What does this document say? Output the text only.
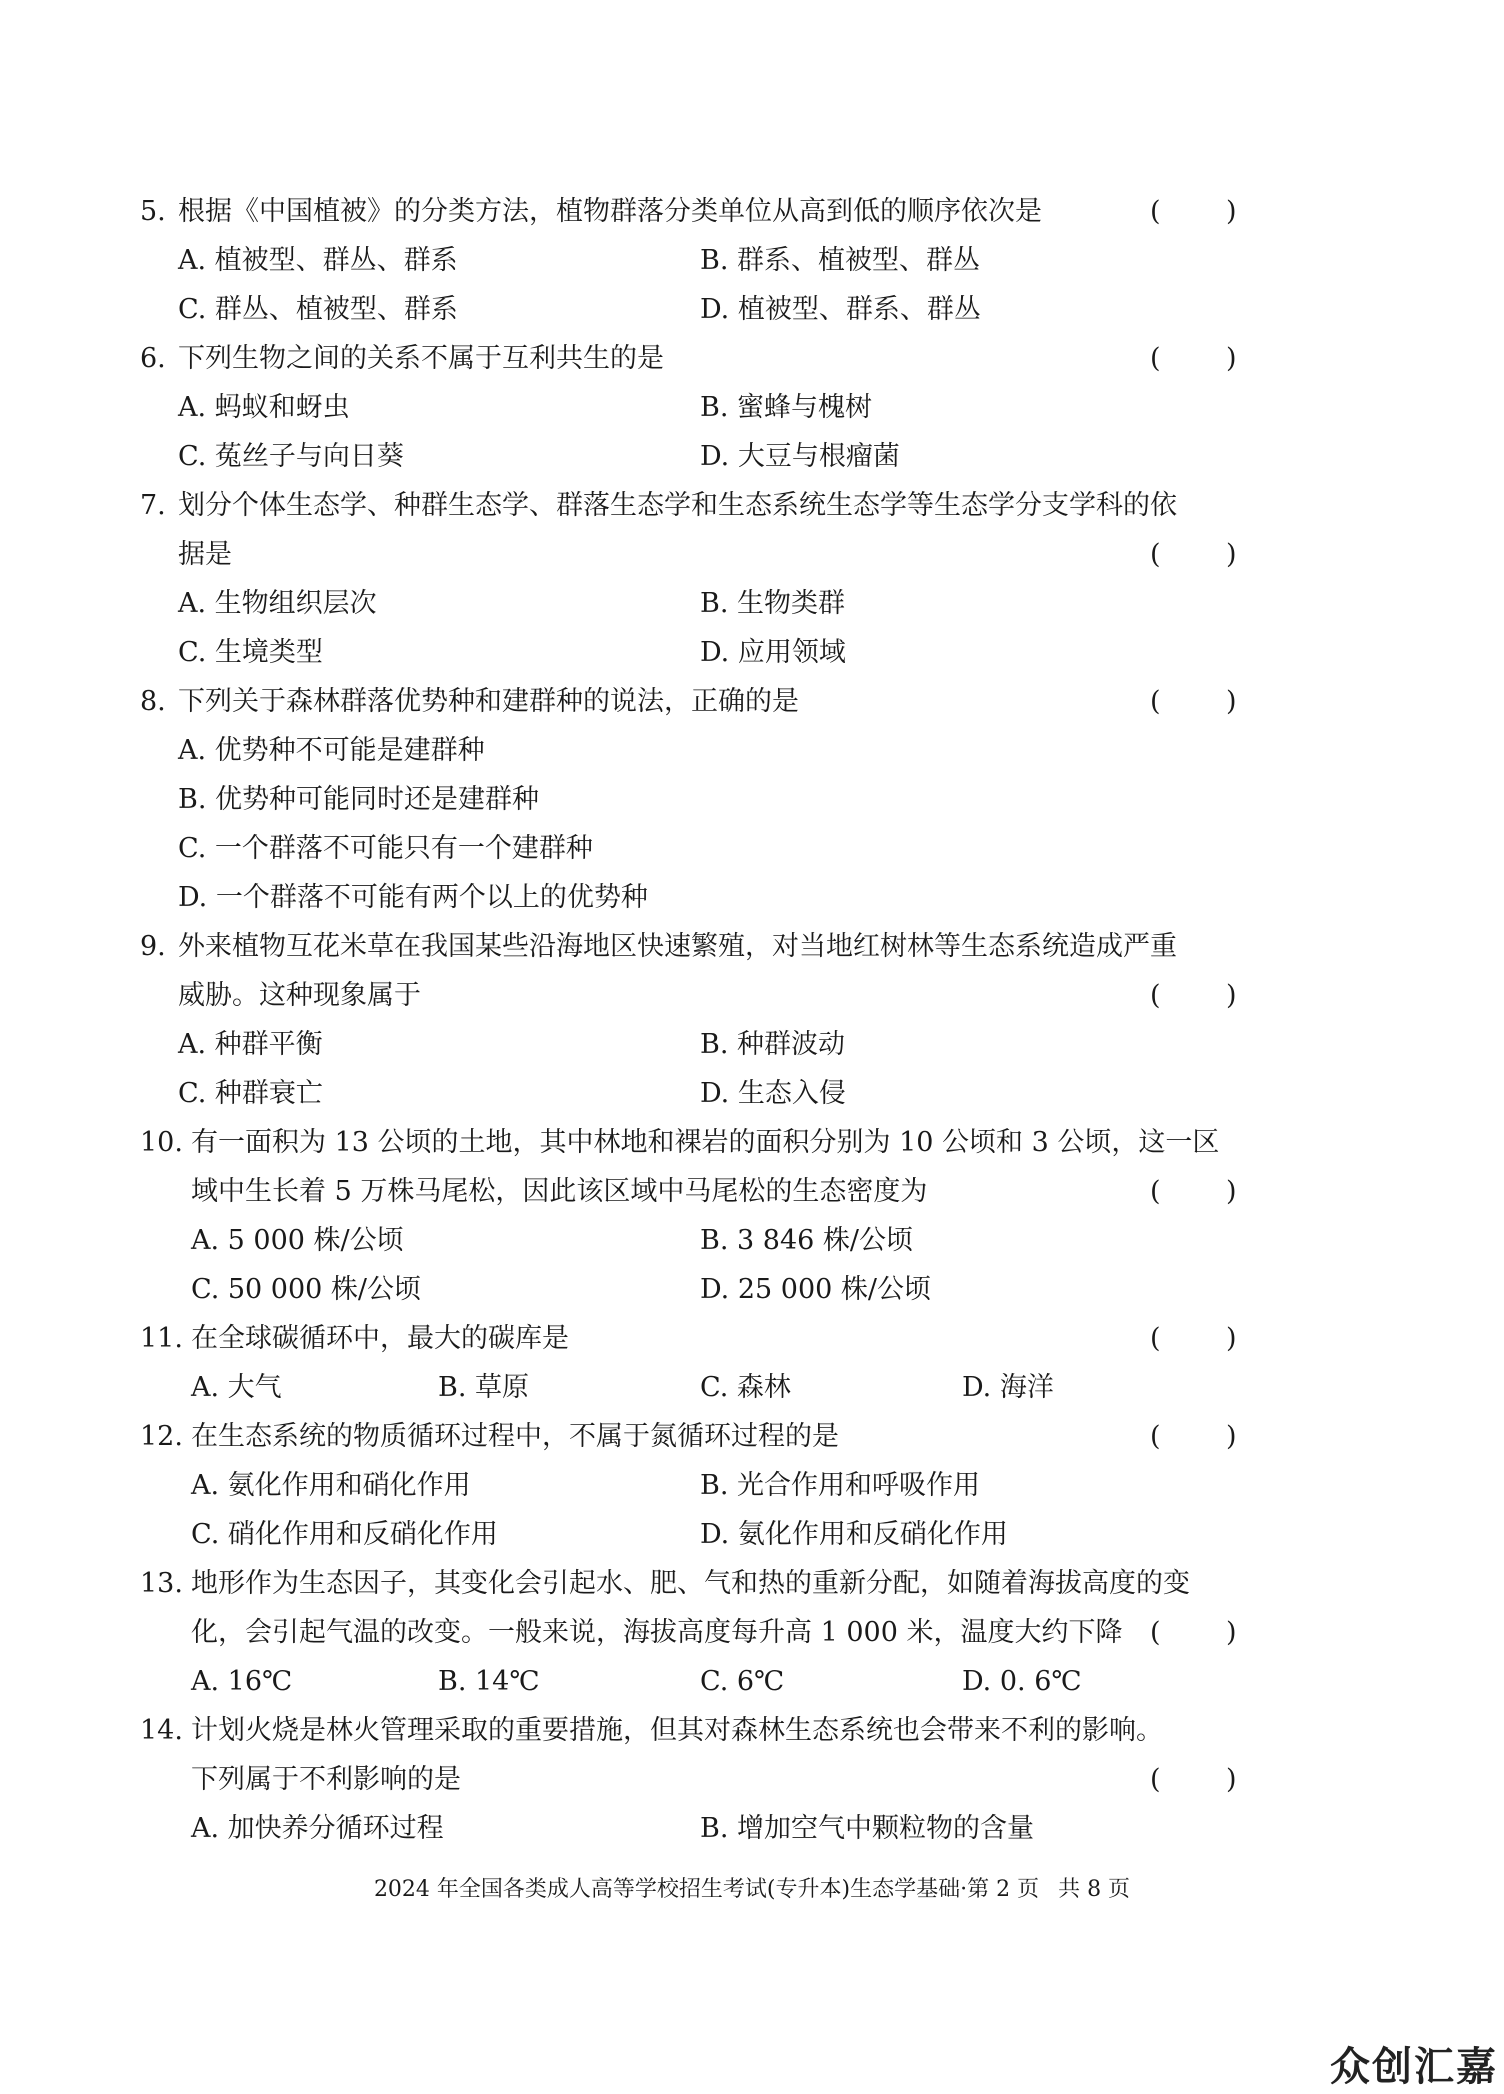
5. 根据《中国植被》的分类方法，植物群落分类单位从高到低的顺序依次是	( )
A. 植被型、群丛、群系	B. 群系、植被型、群丛
C. 群丛、植被型、群系	D. 植被型、群系、群丛
6. 下列生物之间的关系不属于互利共生的是	( )
A. 蚂蚁和蚜虫	B. 蜜蜂与槐树
C. 菟丝子与向日葵	D. 大豆与根瘤菌
7. 划分个体生态学、种群生态学、群落生态学和生态系统生态学等生态学分支学科的依
据是	( )
A. 生物组织层次	B. 生物类群
C. 生境类型	D. 应用领域
8. 下列关于森林群落优势种和建群种的说法，正确的是	( )
A. 优势种不可能是建群种
B. 优势种可能同时还是建群种
C. 一个群落不可能只有一个建群种
D. 一个群落不可能有两个以上的优势种
9. 外来植物互花米草在我国某些沿海地区快速繁殖，对当地红树林等生态系统造成严重
威胁。这种现象属于	( )
A. 种群平衡	B. 种群波动
C. 种群衰亡	D. 生态入侵
10. 有一面积为 13 公顷的土地，其中林地和裸岩的面积分别为 10 公顷和 3 公顷，这一区
域中生长着 5 万株马尾松，因此该区域中马尾松的生态密度为	( )
A. 5 000 株/公顷	B. 3 846 株/公顷
C. 50 000 株/公顷	D. 25 000 株/公顷
11. 在全球碳循环中，最大的碳库是	( )
A. 大气	B. 草原	C. 森林	D. 海洋
12. 在生态系统的物质循环过程中，不属于氮循环过程的是	( )
A. 氨化作用和硝化作用	B. 光合作用和呼吸作用
C. 硝化作用和反硝化作用	D. 氨化作用和反硝化作用
13. 地形作为生态因子，其变化会引起水、肥、气和热的重新分配，如随着海拔高度的变
化，会引起气温的改变。一般来说，海拔高度每升高 1 000 米，温度大约下降 ( )
A. 16℃	B. 14℃	C. 6℃	D. 0. 6℃
14. 计划火烧是林火管理采取的重要措施，但其对森林生态系统也会带来不利的影响。
下列属于不利影响的是	( )
A. 加快养分循环过程	B. 增加空气中颗粒物的含量
2024 年全国各类成人高等学校招生考试(专升本)生态学基础·第 2 页 共 8 页
众创汇嘉
